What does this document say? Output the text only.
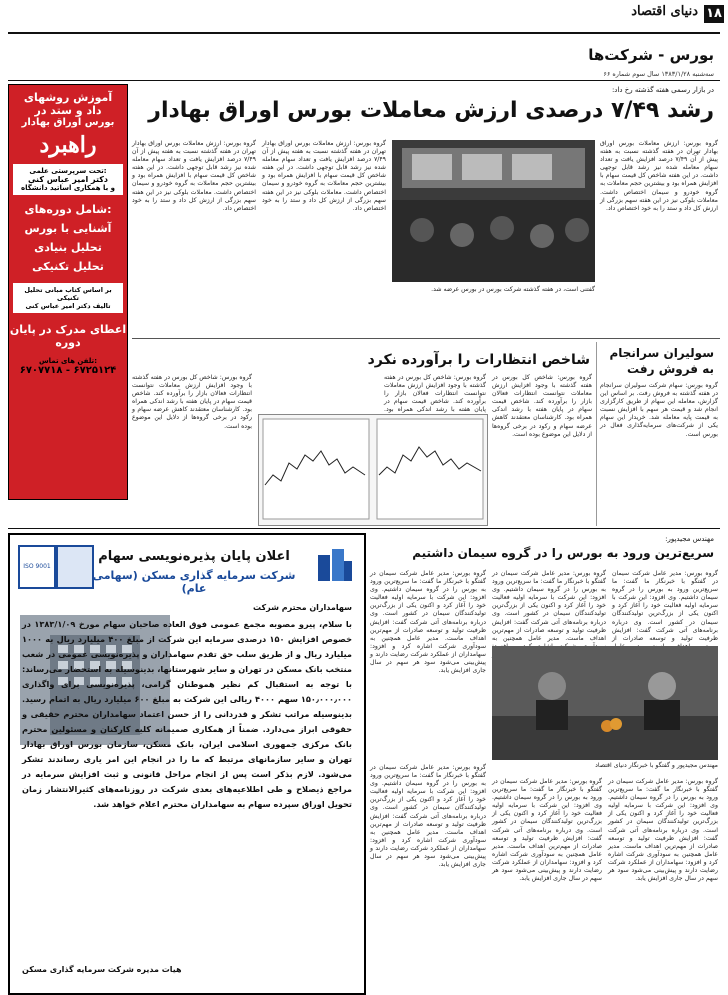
۱۸
دنیای اقتصاد
بورس - شرکت‌ها
سه‌شنبه ۱۳۸۳/۱/۲۸ سال سوم شماره ۶۶
آموزش روشهای
داد و ستد در
بورس اوراق بهادار
راهبرد
تحت سرپرستی علمی:
دکتر امیر عباس کنی
و با همکاری اساتید دانشگاه
شامل دوره‌های:
آشنایی با بورس
تحلیل بنیادی
تحلیل تکنیکی
بر اساس کتاب مبانی تحلیل تکنیکی
تالیف دکتر امیر عباس کنی
اعطای مدرک در پایان دوره
تلفن های تماس:
۶۷۰۷۷۱۸ - ۶۷۲۵۱۲۴
در بازار رسمی هفته گذشته رخ داد:
رشد ۷/۴۹ درصدی ارزش معاملات بورس اوراق بهادار
گروه بورس: ارزش معاملات بورس اوراق بهادار تهران در هفته گذشته نسبت به هفته پیش از آن ۷/۴۹ درصد افزایش یافت و تعداد سهام معامله شده نیز رشد قابل توجهی داشت. در این هفته شاخص کل قیمت سهام با افزایش همراه بود و بیشترین حجم معاملات به گروه خودرو و سیمان اختصاص داشت. معاملات بلوکی نیز در این هفته سهم بزرگی از ارزش کل داد و ستد را به خود اختصاص داد.
گفتنی است، در هفته گذشته شرکت بورس در بورس عرضه شد.
گروه بورس: ارزش معاملات بورس اوراق بهادار تهران در هفته گذشته نسبت به هفته پیش از آن ۷/۴۹ درصد افزایش یافت و تعداد سهام معامله شده نیز رشد قابل توجهی داشت. در این هفته شاخص کل قیمت سهام با افزایش همراه بود و بیشترین حجم معاملات به گروه خودرو و سیمان اختصاص داشت. معاملات بلوکی نیز در این هفته سهم بزرگی از ارزش کل داد و ستد را به خود اختصاص داد.
گروه بورس: ارزش معاملات بورس اوراق بهادار تهران در هفته گذشته نسبت به هفته پیش از آن ۷/۴۹ درصد افزایش یافت و تعداد سهام معامله شده نیز رشد قابل توجهی داشت. در این هفته شاخص کل قیمت سهام با افزایش همراه بود و بیشترین حجم معاملات به گروه خودرو و سیمان اختصاص داشت. معاملات بلوکی نیز در این هفته سهم بزرگی از ارزش کل داد و ستد را به خود اختصاص داد.
سولیران سرانجام
به فروش رفت
گروه بورس: سهام شرکت سولیران سرانجام در هفته گذشته به فروش رفت. بر اساس این گزارش، معامله این سهام از طریق کارگزاری انجام شد و قیمت هر سهم با افزایش نسبت به قیمت پایه معامله شد. خریدار این سهام یکی از شرکت‌های سرمایه‌گذاری فعال در بورس است.
شاخص انتظارات را برآورده نکرد
گروه بورس: شاخص کل بورس در هفته گذشته با وجود افزایش ارزش معاملات نتوانست انتظارات فعالان بازار را برآورده کند. شاخص قیمت سهام در پایان هفته با رشد اندکی همراه بود. کارشناسان معتقدند کاهش عرضه سهام و رکود در برخی گروه‌ها از دلایل این موضوع بوده است.
گروه بورس: شاخص کل بورس در هفته گذشته با وجود افزایش ارزش معاملات نتوانست انتظارات فعالان بازار را برآورده کند. شاخص قیمت سهام در پایان هفته با رشد اندکی همراه بود.
گروه بورس: شاخص کل بورس در هفته گذشته با وجود افزایش ارزش معاملات نتوانست انتظارات فعالان بازار را برآورده کند. شاخص قیمت سهام در پایان هفته با رشد اندکی همراه بود. کارشناسان معتقدند کاهش عرضه سهام و رکود در برخی گروه‌ها از دلایل این موضوع بوده است.
ISO 9001
اعلان پایان پذیره‌نویسی سهام
شرکت سرمایه گذاری مسکن (سهامی عام)
سهامداران محترم شرکت
با سلام، پیرو مصوبه مجمع عمومی فوق العاده صاحبان سهام مورخ ۱۳۸۳/۱/۰۹ در خصوص افزایش ۱۵۰ درصدی سرمایه این شرکت از مبلغ ۴۰۰ میلیارد ریال به ۱۰۰۰ میلیارد ریال و از طریق سلب حق تقدم سهامداران و پذیره‌نویسی عمومی در شعب منتخب بانک مسکن در تهران و سایر شهرستانها، بدینوسیله به استحضار می‌رساند: با توجه به استقبال کم نظیر هموطنان گرامی، پذیره‌نویسی برای واگذاری ۱۵۰٫۰۰۰٫۰۰۰ سهم ۴۰۰۰ ریالی این شرکت به مبلغ ۶۰۰ میلیارد ریال به اتمام رسید. بدینوسیله مراتب تشکر و قدردانی را از حسن اعتماد سهامداران محترم حقیقی و حقوقی ابراز می‌دارد. ضمناً از همکاری صمیمانه کلیه کارکنان و مسئولین محترم بانک مرکزی جمهوری اسلامی ایران، بانک مسکن، سازمان بورس اوراق بهادار تهران و سایر سازمانهای مرتبط که ما را در انجام این امر یاری رساندند تشکر می‌شود. لازم بذکر است پس از انجام مراحل قانونی و ثبت افزایش سرمایه در مراجع ذیصلاح و طی اطلاعیه‌های بعدی شرکت در روزنامه‌های کثیرالانتشار زمان تحویل اوراق سپرده سهام به سهامداران محترم اعلام خواهد شد.
هیات مدیره شرکت سرمایه گذاری مسکن
مهندس مجیدپور:
سریع‌ترین ورود به بورس را در گروه سیمان داشتیم
گروه بورس: مدیر عامل شرکت سیمان در گفتگو با خبرنگار ما گفت: ما سریع‌ترین ورود به بورس را در گروه سیمان داشتیم. وی افزود: این شرکت با سرمایه اولیه فعالیت خود را آغاز کرد و اکنون یکی از بزرگ‌ترین تولیدکنندگان سیمان در کشور است. وی درباره برنامه‌های آتی شرکت گفت: افزایش ظرفیت تولید و توسعه صادرات از
گروه بورس: مدیر عامل شرکت سیمان در گفتگو با خبرنگار ما گفت: ما سریع‌ترین ورود به بورس را در گروه سیمان داشتیم. وی افزود: این شرکت با سرمایه اولیه فعالیت خود را آغاز کرد و اکنون یکی از بزرگ‌ترین تولیدکنندگان سیمان در کشور است. وی درباره برنامه‌های آتی شرکت گفت: افزایش ظرفیت تولید و توسعه صادرات از مهم‌ترین اهداف ماست. مدیر عامل همچنین به
گروه بورس: مدیر عامل شرکت سیمان در گفتگو با خبرنگار ما گفت: ما سریع‌ترین ورود به بورس را در گروه سیمان داشتیم. وی افزود: این شرکت با سرمایه اولیه فعالیت خود را آغاز کرد و اکنون یکی از بزرگ‌ترین تولیدکنندگان سیمان در کشور است. وی درباره برنامه‌های آتی شرکت گفت: افزایش ظرفیت تولید و توسعه صادرات از مهم‌ترین اهداف ماست. مدیر عامل همچنین به سودآوری شرکت اشاره کرد و افزود: سهامداران از عملکرد شرکت رضایت دارند و پیش‌بینی می‌شود سود هر سهم در سال جاری افزایش یابد.
مهندس مجیدپور و گفتگو با خبرنگار دنیای اقتصاد
گروه بورس: مدیر عامل شرکت سیمان در گفتگو با خبرنگار ما گفت: ما سریع‌ترین ورود به بورس را در گروه سیمان داشتیم. وی افزود: این شرکت با سرمایه اولیه فعالیت خود را آغاز کرد و اکنون یکی از بزرگ‌ترین تولیدکنندگان سیمان در کشور است. وی درباره برنامه‌های آتی شرکت گفت: افزایش ظرفیت تولید و توسعه صادرات از مهم‌ترین اهداف ماست. مدیر عامل همچنین به سودآوری شرکت اشاره کرد و افزود: سهامداران از عملکرد شرکت رضایت دارند و پیش‌بینی می‌شود سود هر سهم در سال جاری افزایش یابد.
گروه بورس: مدیر عامل شرکت سیمان در گفتگو با خبرنگار ما گفت: ما سریع‌ترین ورود به بورس را در گروه سیمان داشتیم. وی افزود: این شرکت با سرمایه اولیه فعالیت خود را آغاز کرد و اکنون یکی از بزرگ‌ترین تولیدکنندگان سیمان در کشور است. وی درباره برنامه‌های آتی شرکت گفت: افزایش ظرفیت تولید و توسعه صادرات از مهم‌ترین اهداف ماست. مدیر عامل همچنین به سودآوری شرکت اشاره کرد و افزود: سهامداران از عملکرد شرکت رضایت دارند و پیش‌بینی می‌شود سود هر سهم در سال جاری افزایش یابد.
گروه بورس: مدیر عامل شرکت سیمان در گفتگو با خبرنگار ما گفت: ما سریع‌ترین ورود به بورس را در گروه سیمان داشتیم. وی افزود: این شرکت با سرمایه اولیه فعالیت خود را آغاز کرد و اکنون یکی از بزرگ‌ترین تولیدکنندگان سیمان در کشور است. وی درباره برنامه‌های آتی شرکت گفت: افزایش ظرفیت تولید و توسعه صادرات از مهم‌ترین اهداف ماست. مدیر عامل همچنین به سودآوری شرکت اشاره کرد و افزود: سهامداران از عملکرد شرکت رضایت دارند و پیش‌بینی می‌شود سود هر سهم در سال جاری افزایش یابد.
